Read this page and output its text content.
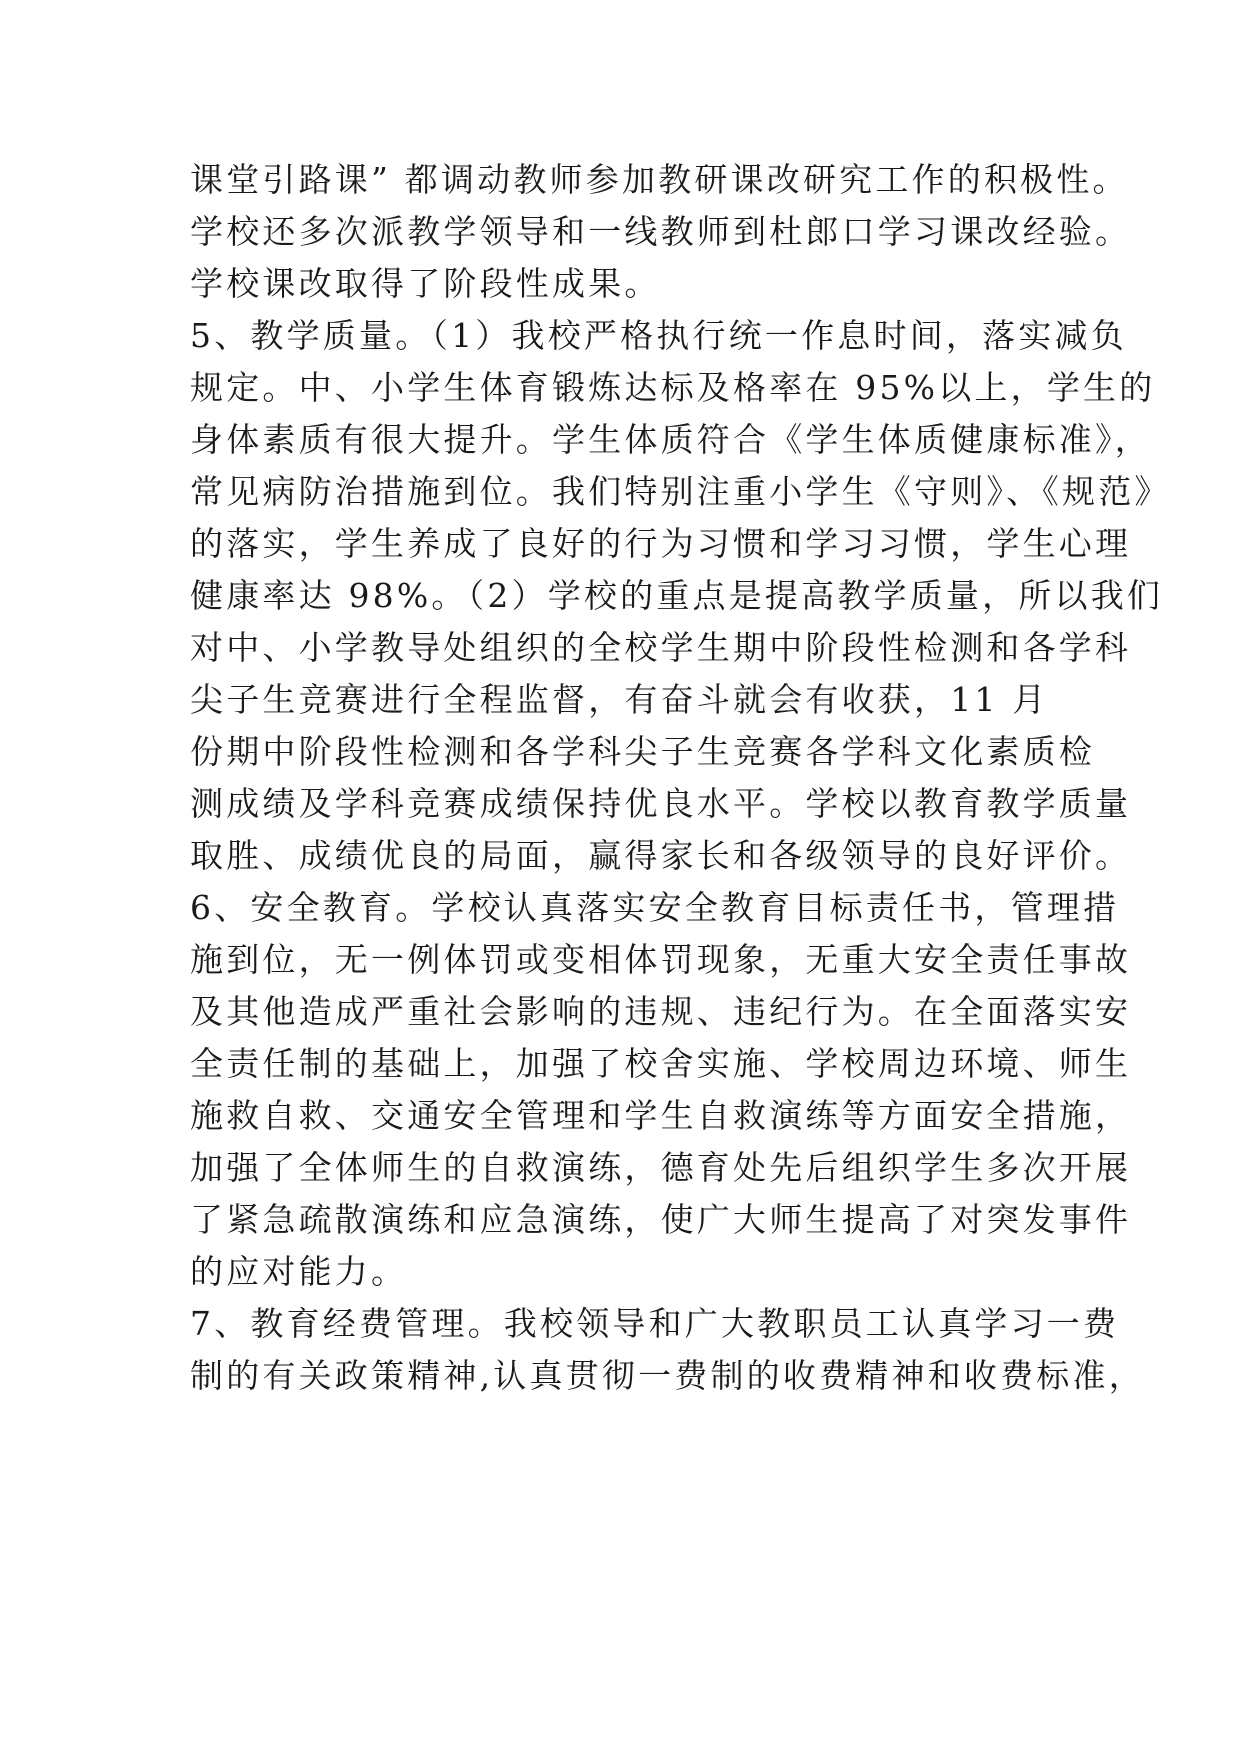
课堂引路课” 都调动教师参加教研课改研究工作的积极性。
学校还多次派教学领导和一线教师到杜郎口学习课改经验。
学校课改取得了阶段性成果。
5、教学质量。（1）我校严格执行统一作息时间，落实减负
规定。中、小学生体育锻炼达标及格率在 95%以上，学生的
身体素质有很大提升。学生体质符合《学生体质健康标准》，
常见病防治措施到位。我们特别注重小学生《守则》、《规范》
的落实，学生养成了良好的行为习惯和学习习惯，学生心理
健康率达 98%。（2）学校的重点是提高教学质量，所以我们
对中、小学教导处组织的全校学生期中阶段性检测和各学科
尖子生竞赛进行全程监督，有奋斗就会有收获，11 月
份期中阶段性检测和各学科尖子生竞赛各学科文化素质检
测成绩及学科竞赛成绩保持优良水平。学校以教育教学质量
取胜、成绩优良的局面，赢得家长和各级领导的良好评价。
6、安全教育。学校认真落实安全教育目标责任书，管理措
施到位，无一例体罚或变相体罚现象，无重大安全责任事故
及其他造成严重社会影响的违规、违纪行为。在全面落实安
全责任制的基础上，加强了校舍实施、学校周边环境、师生
施救自救、交通安全管理和学生自救演练等方面安全措施，
加强了全体师生的自救演练，德育处先后组织学生多次开展
了紧急疏散演练和应急演练，使广大师生提高了对突发事件
的应对能力。
7、教育经费管理。我校领导和广大教职员工认真学习一费
制的有关政策精神,认真贯彻一费制的收费精神和收费标准，
